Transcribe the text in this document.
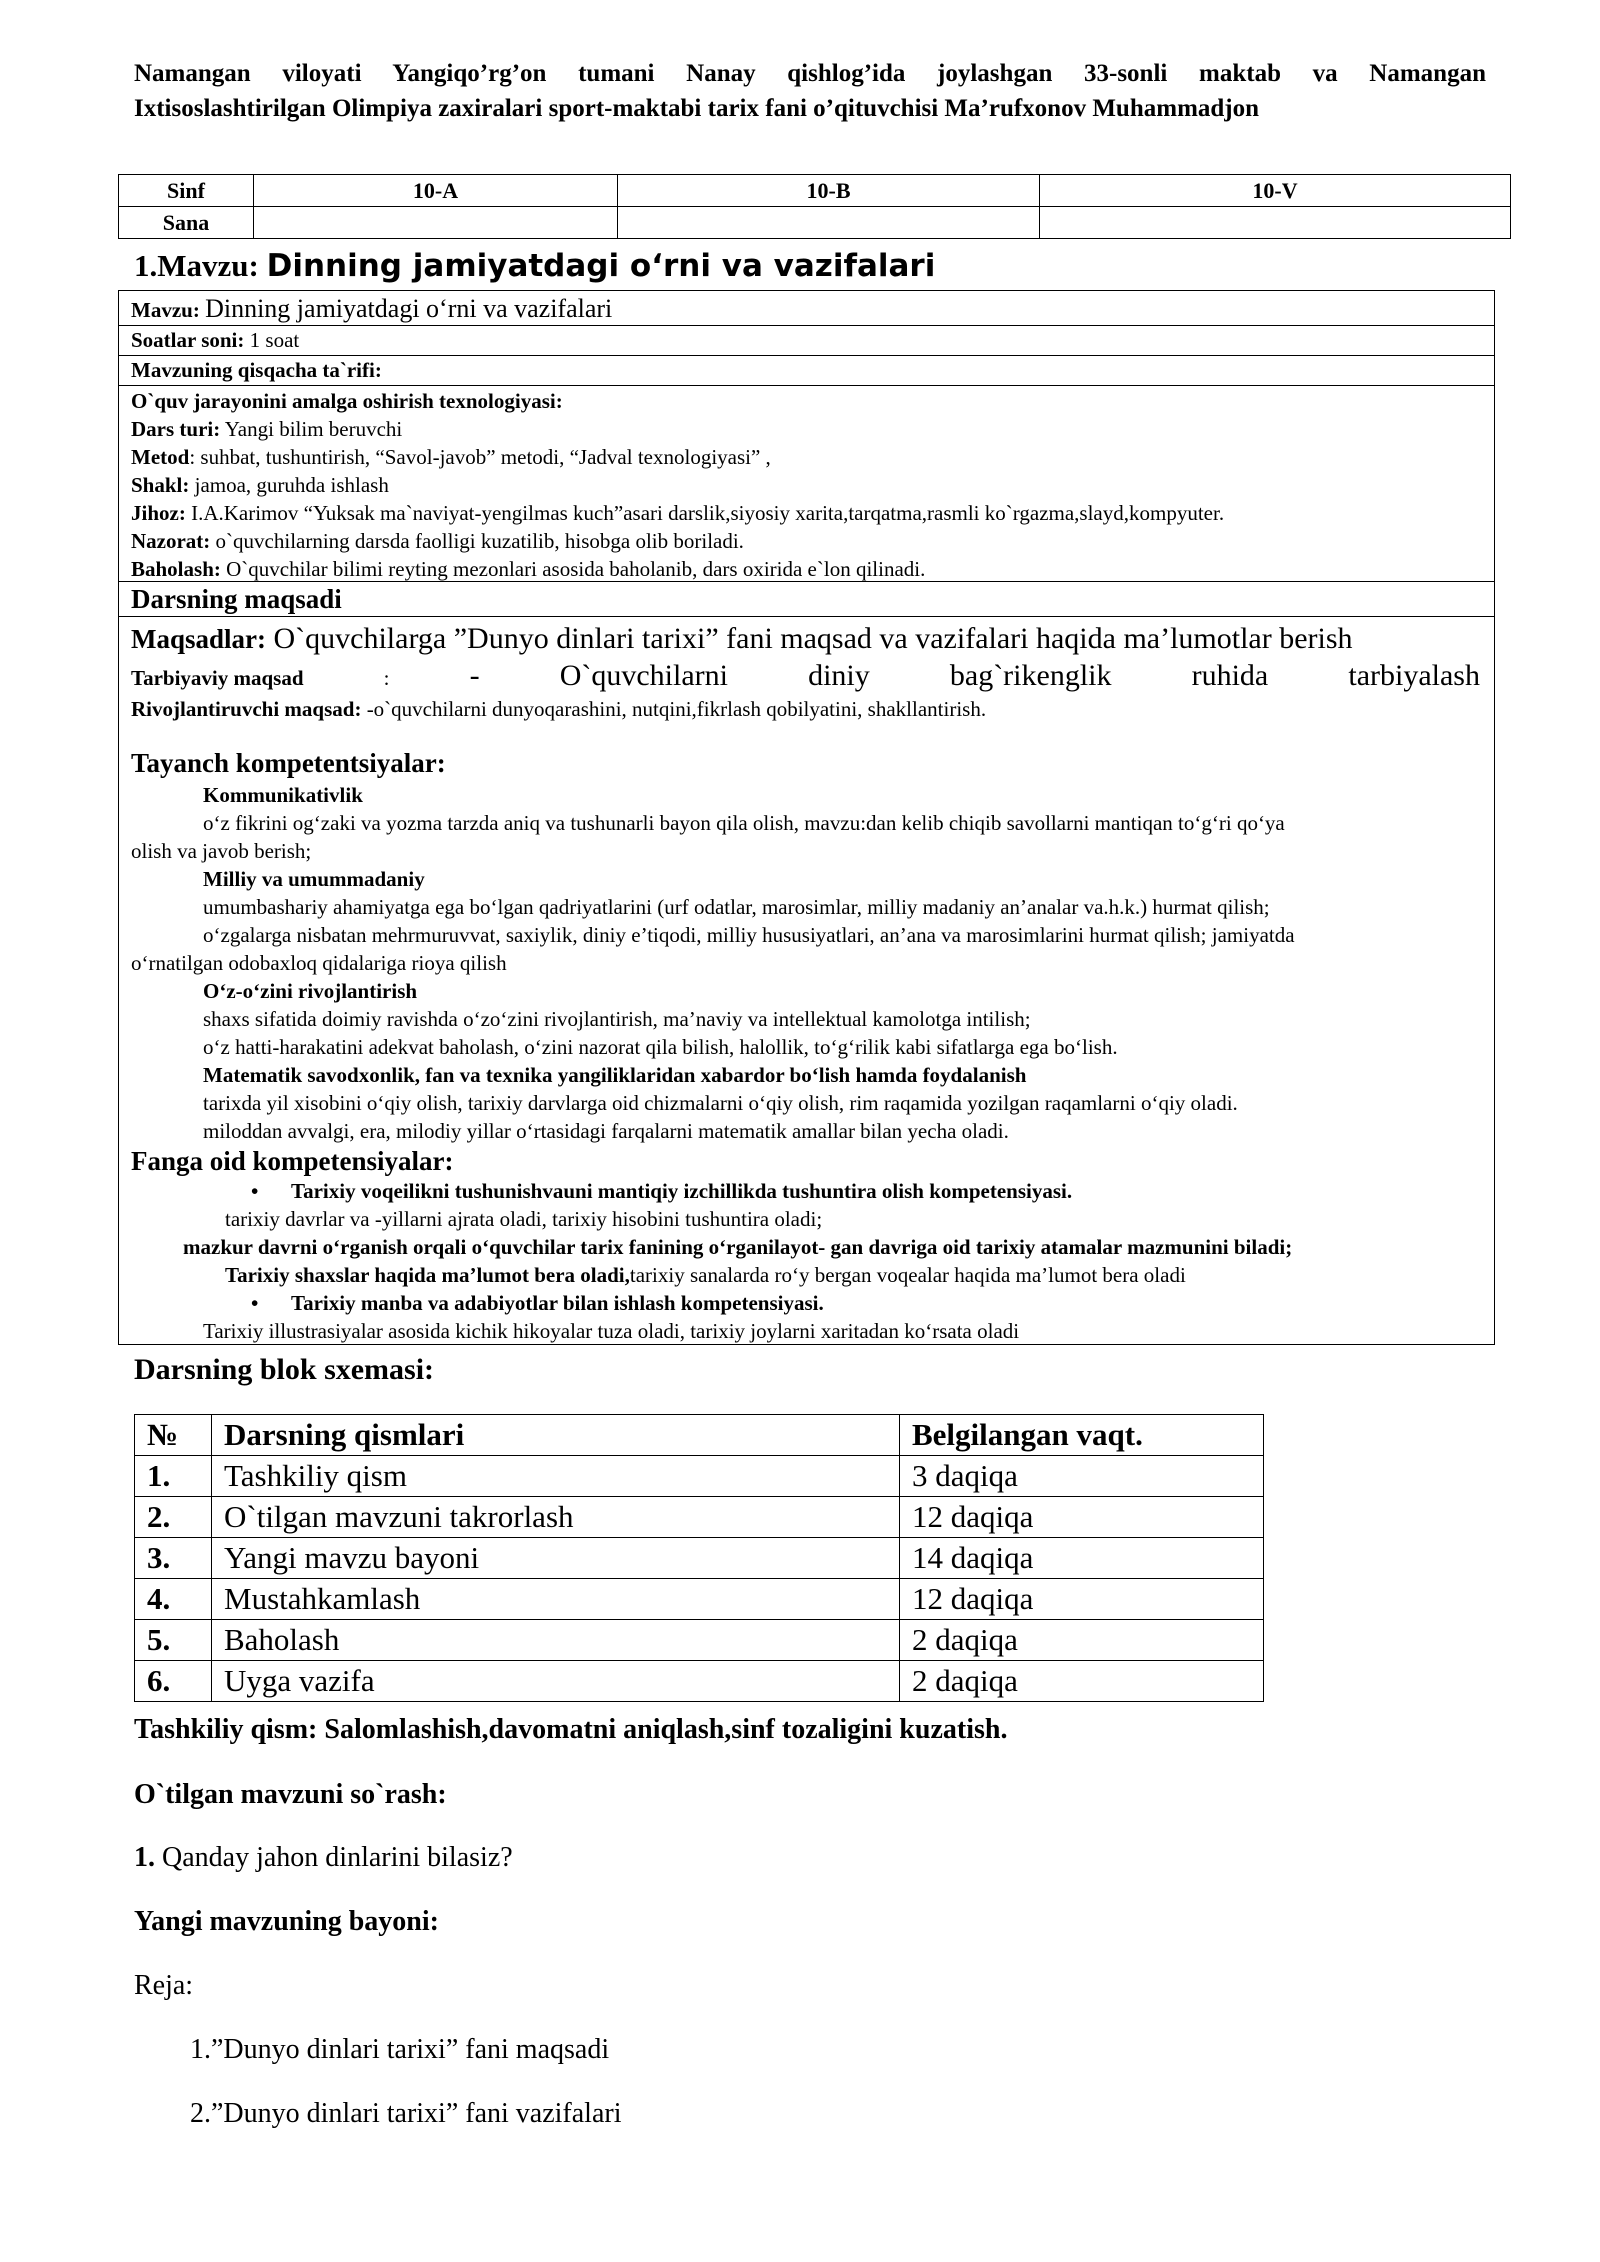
Namangan viloyati Yangiqo’rg’on tumani Nanay qishlog’ida joylashgan 33-sonli maktab va Namangan
Ixtisoslashtirilgan Olimpiya zaxiralari sport-maktabi tarix fani o’qituvchisi Ma’rufxonov Muhammadjon
Sinf	10-A	10-B	10-V
Sana			
1.Mavzu: Dinning jamiyatdagi o‘rni va vazifalari
Mavzu: Dinning jamiyatdagi o‘rni va vazifalari
Soatlar soni: 1 soat
Mavzuning qisqacha ta`rifi:
O`quv jarayonini amalga oshirish texnologiyasi:
Dars turi: Yangi bilim beruvchi
Metod: suhbat, tushuntirish, “Savol-javob” metodi, “Jadval texnologiyasi” ,
Shakl: jamoa, guruhda ishlash
Jihoz: I.A.Karimov “Yuksak ma`naviyat-yengilmas kuch”asari darslik,siyosiy xarita,tarqatma,rasmli ko`rgazma,slayd,kompyuter.
Nazorat: o`quvchilarning darsda faolligi kuzatilib, hisobga olib boriladi.
Baholash: O`quvchilar bilimi reyting mezonlari asosida baholanib, dars oxirida e`lon qilinadi.
Darsning maqsadi
Maqsadlar: O`quvchilarga ”Dunyo dinlari tarixi” fani maqsad va vazifalari haqida ma’lumotlar berish
Tarbiyaviy maqsad	:	-	O`quvchilarni	diniy	bag`rikenglik	ruhida	tarbiyalash
Rivojlantiruvchi maqsad: -o`quvchilarni dunyoqarashini, nutqini,fikrlash qobilyatini, shakllantirish.
Tayanch kompetentsiyalar:
Kommunikativlik
o‘z fikrini og‘zaki va yozma tarzda aniq va tushunarli bayon qila olish, mavzu:dan kelib chiqib savollarni mantiqan to‘g‘ri qo‘ya
olish va javob berish;
Milliy va umummadaniy
umumbashariy ahamiyatga ega bo‘lgan qadriyatlarini (urf odatlar, marosimlar, milliy madaniy an’analar va.h.k.) hurmat qilish;
o‘zgalarga nisbatan mehrmuruvvat, saxiylik, diniy e’tiqodi, milliy hususiyatlari, an’ana va marosimlarini hurmat qilish; jamiyatda
o‘rnatilgan odobaxloq qidalariga rioya qilish
O‘z-o‘zini rivojlantirish
shaxs sifatida doimiy ravishda o‘zo‘zini rivojlantirish, ma’naviy va intellektual kamolotga intilish;
o‘z hatti-harakatini adekvat baholash, o‘zini nazorat qila bilish, halollik, to‘g‘rilik kabi sifatlarga ega bo‘lish.
Matematik savodxonlik, fan va texnika yangiliklaridan xabardor bo‘lish hamda foydalanish
tarixda yil xisobini o‘qiy olish, tarixiy darvlarga oid chizmalarni o‘qiy olish, rim raqamida yozilgan raqamlarni o‘qiy oladi.
miloddan avvalgi, era, milodiy yillar o‘rtasidagi farqalarni matematik amallar bilan yecha oladi.
Fanga oid kompetensiyalar:
• Tarixiy voqeilikni tushunishvauni mantiqiy izchillikda tushuntira olish kompetensiyasi.
tarixiy davrlar va -yillarni ajrata oladi, tarixiy hisobini tushuntira oladi;
mazkur davrni o‘rganish orqali o‘quvchilar tarix fanining o‘rganilayot- gan davriga oid tarixiy atamalar mazmunini biladi;
Tarixiy shaxslar haqida ma’lumot bera oladi,tarixiy sanalarda ro‘y bergan voqealar haqida ma’lumot bera oladi
• Tarixiy manba va adabiyotlar bilan ishlash kompetensiyasi.
Tarixiy illustrasiyalar asosida kichik hikoyalar tuza oladi, tarixiy joylarni xaritadan ko‘rsata oladi
Darsning blok sxemasi:
№	Darsning qismlari	Belgilangan vaqt.
1.	Tashkiliy qism	3 daqiqa
2.	O`tilgan mavzuni takrorlash	12 daqiqa
3.	Yangi mavzu bayoni	14 daqiqa
4.	Mustahkamlash	12 daqiqa
5.	Baholash	2 daqiqa
6.	Uyga vazifa	2 daqiqa
Tashkiliy qism: Salomlashish,davomatni aniqlash,sinf tozaligini kuzatish.
O`tilgan mavzuni so`rash:
1. Qanday jahon dinlarini bilasiz?
Yangi mavzuning bayoni:
Reja:
1.”Dunyo dinlari tarixi” fani maqsadi
2.”Dunyo dinlari tarixi” fani vazifalari
